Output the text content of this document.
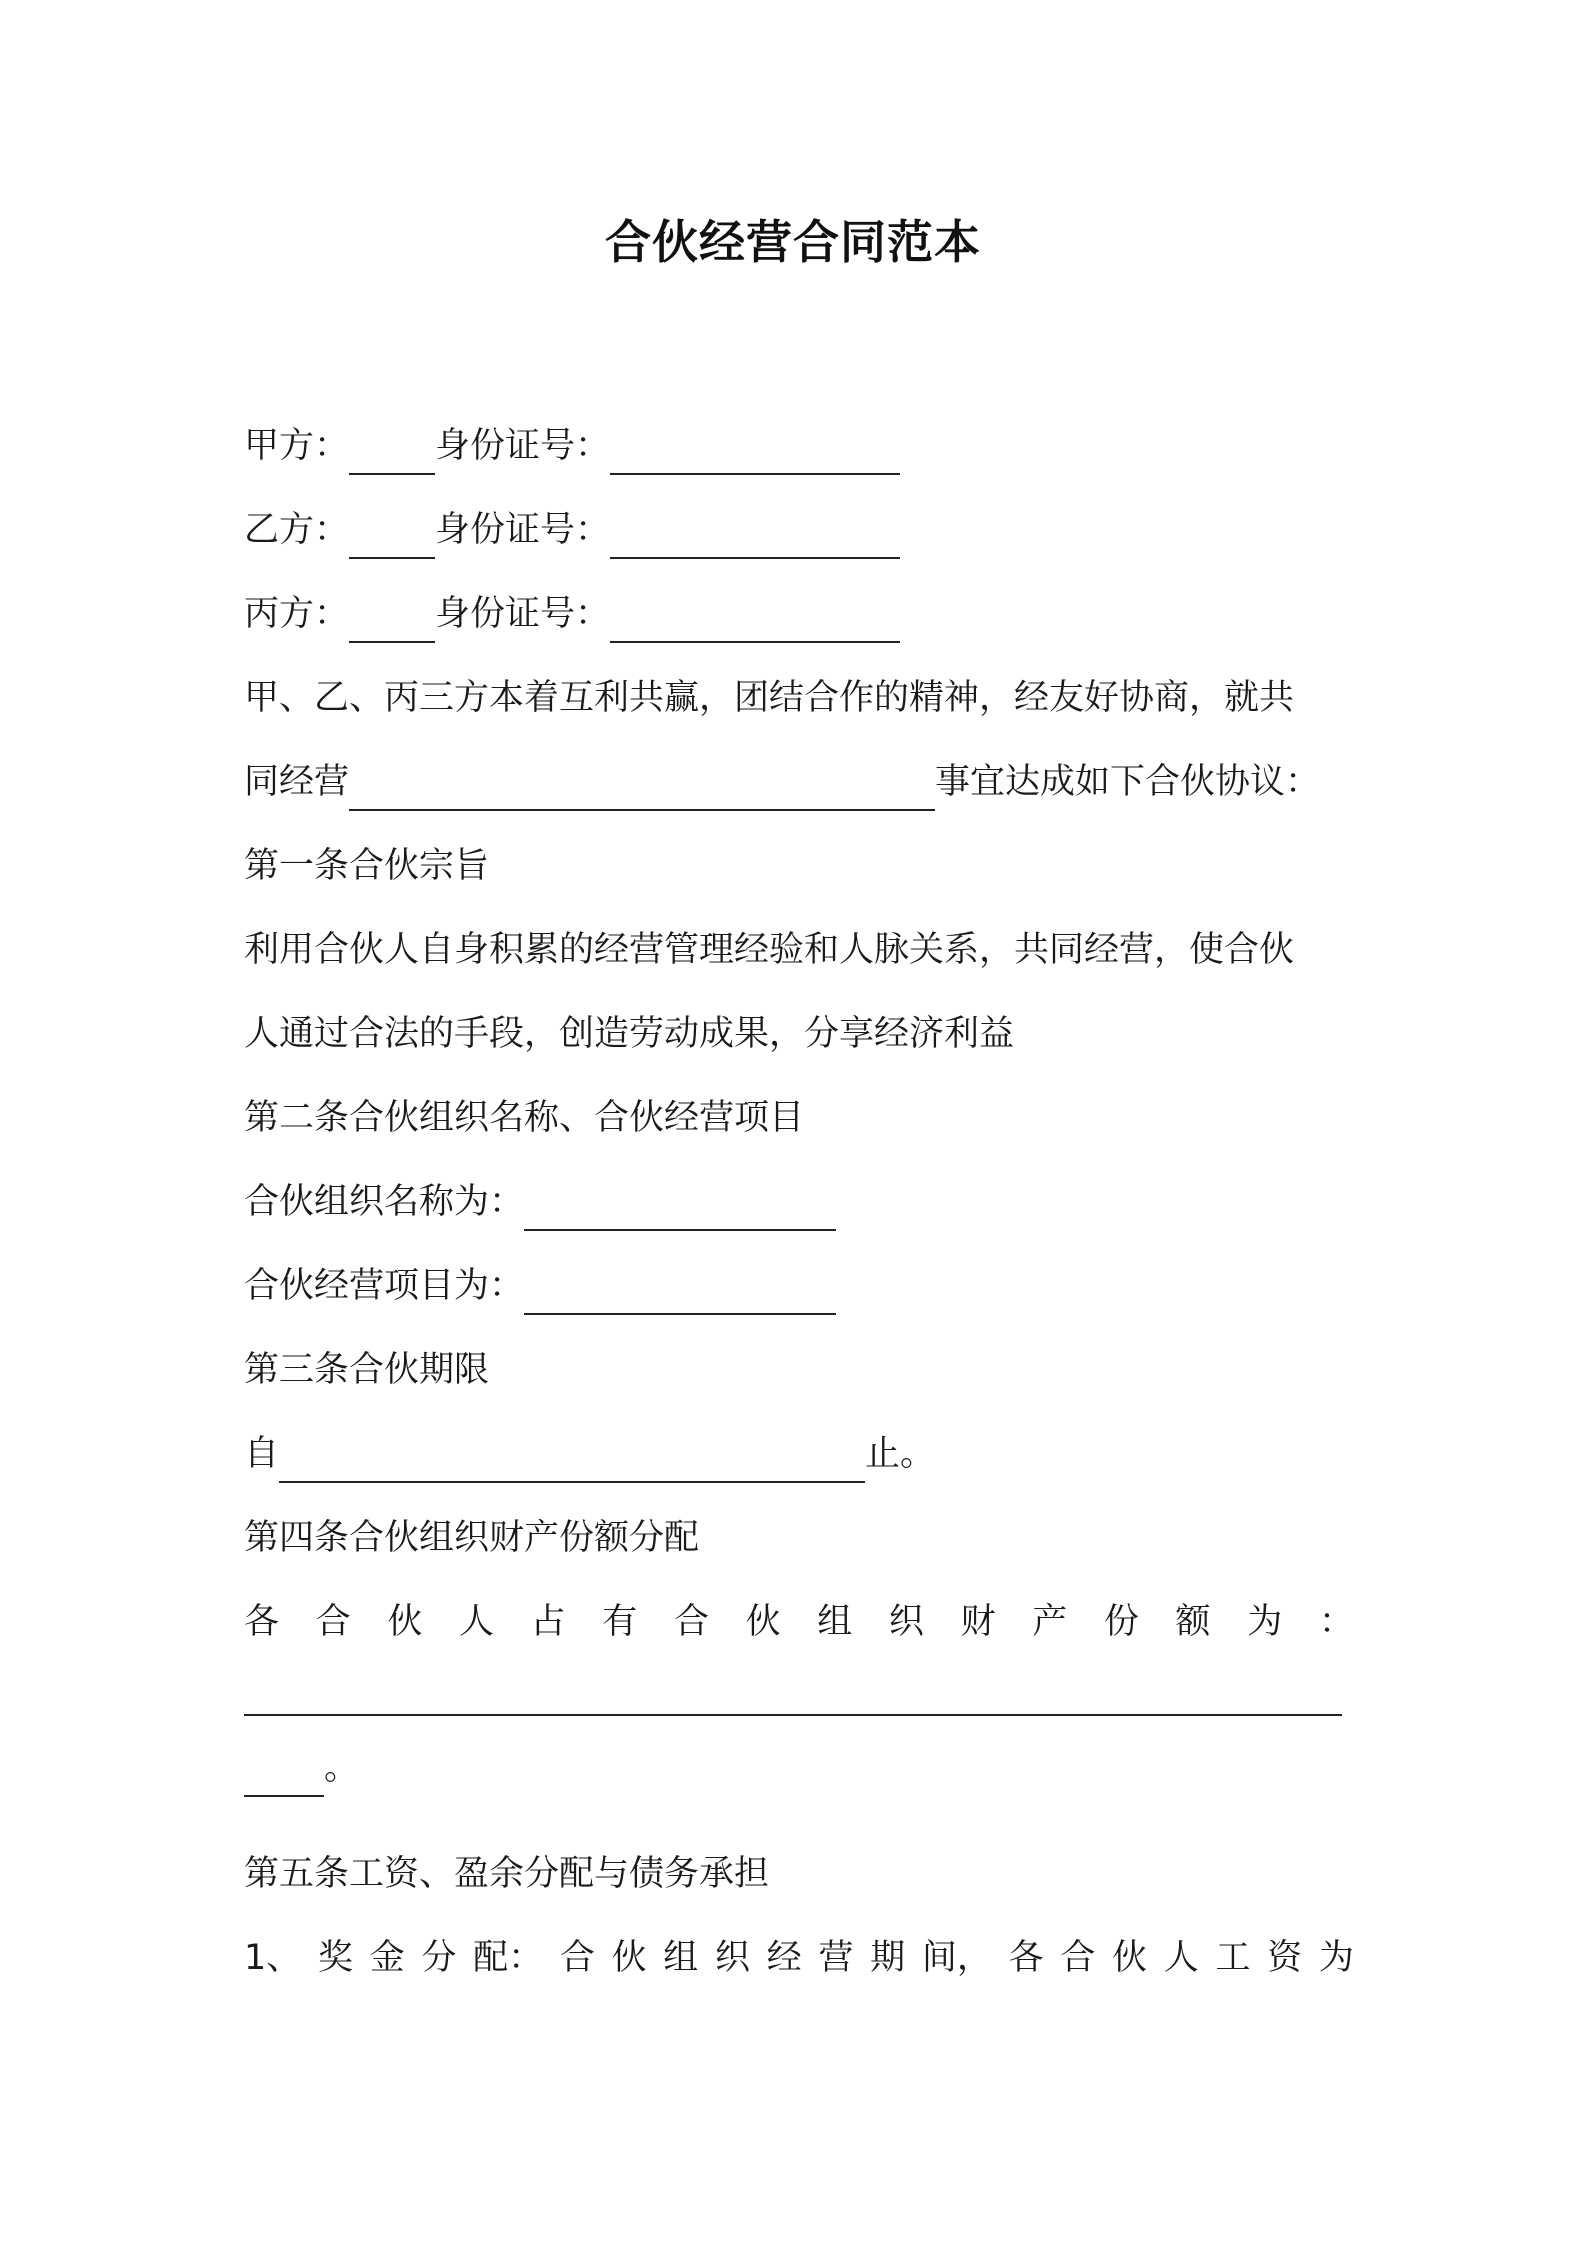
合伙经营合同范本
甲方： 身份证号：
乙方： 身份证号：
丙方： 身份证号：
甲、乙、丙三方本着互利共赢，团结合作的精神，经友好协商，就共
同经营	事宜达成如下合伙协议：
第一条合伙宗旨
利用合伙人自身积累的经营管理经验和人脉关系，共同经营，使合伙
人通过合法的手段，创造劳动成果，分享经济利益
第二条合伙组织名称、合伙经营项目
合伙组织名称为：
合伙经营项目为：
第三条合伙期限
自	止。
第四条合伙组织财产份额分配
各 合 伙 人 占 有 合 伙 组 织 财 产 份 额 为 ：
。
第五条工资、盈余分配与债务承担
1、 奖 金 分 配： 合 伙 组 织 经 营 期 间， 各 合 伙 人 工 资 为
